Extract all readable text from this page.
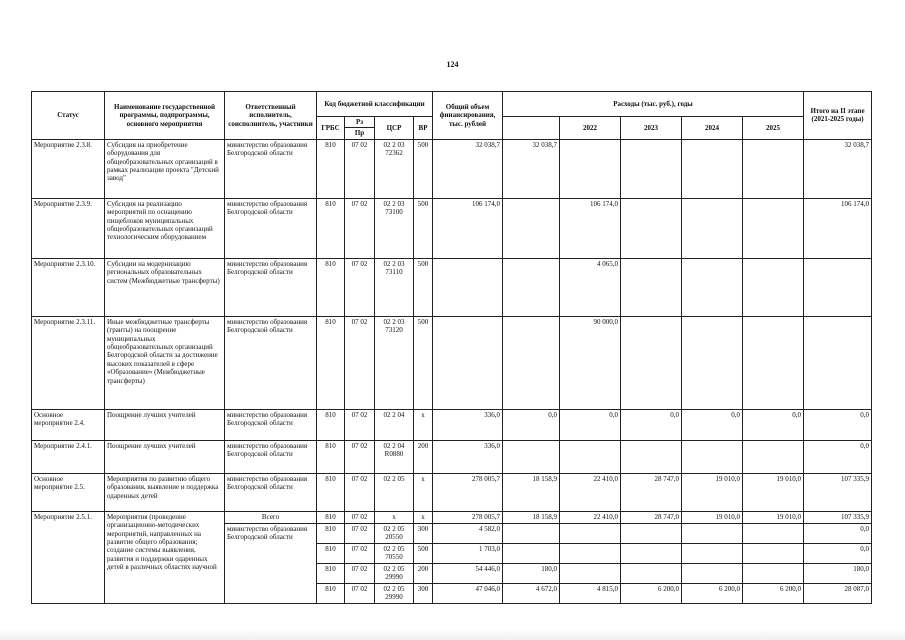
124
Статус	Наименование государственной программы, подпрограммы, основного мероприятия	Ответственный исполнитель, соисполнитель, участники	Код бюджетной классификации				Общий объем финансирования, тыс. рублей	Расходы (тыс. руб.), годы					Итого на II этапе (2021-2025 годы)
			ГРБС	Рз	ЦСР	ВР			2022	2023	2024	2025	
				Пр									
Мероприятие 2.3.8.	Субсидия на приобретение оборудования для общеобразовательных организаций в рамках реализации проекта "Детский завод"	министерство образования Белгородской области	810	07 02	02 2 03 72362	500	32 038,7	32 038,7					32 038,7
Мероприятие 2.3.9.	Субсидия на реализацию мероприятий по оснащению пищеблоков муниципальных общеобразовательных организаций технологическим оборудованием	министерство образования Белгородской области	810	07 02	02 2 03 73100	500	106 174,0		106 174,0				106 174,0
Мероприятие 2.3.10.	Субсидии на модернизацию региональных образовательных систем (Межбюджетные трансферты)	министерство образования Белгородской области	810	07 02	02 2 03 73110	500			4 065,0				
Мероприятие 2.3.11.	Иные межбюджетные трансферты (гранты) на поощрение муниципальных общеобразовательных организаций Белгородской области за достижение высоких показателей в сфере «Образование» (Межбюджетные трансферты)	министерство образования Белгородской области	810	07 02	02 2 03 73120	500			90 000,0				
Основное мероприятие 2.4.	Поощрение лучших учителей	министерство образования Белгородской области	810	07 02	02 2 04	х	336,0	0,0	0,0	0,0	0,0	0,0	0,0
Мероприятие 2.4.1.	Поощрение лучших учителей	министерство образования Белгородской области	810	07 02	02 2 04 R0880	200	336,0						0,0
Основное мероприятие 2.5.	Мероприятия по развитию общего образования, выявление и поддержка одаренных детей	министерство образования Белгородской области	810	07 02	02 2 05	х	278 005,7	18 158,9	22 410,0	28 747,0	19 010,0	19 010,0	107 335,9
Мероприятие 2.5.1.	Мероприятия (проведение организационно-методических мероприятий, направленных на развитие общего образования; создание системы выявления, развития и поддержки одаренных детей в различных областях научной	Всего	810	07 02	х	х	278 005,7	18 158,9	22 410,0	28 747,0	19 010,0	19 010,0	107 335,9
		министерство образования Белгородской области	810	07 02	02 2 05 20550	300	4 582,0						0,0
			810	07 02	02 2 05 70550	500	1 703,0						0,0
			810	07 02	02 2 05 29990	200	54 446,0	180,0					180,0
			810	07 02	02 2 05 29990	300	47 046,0	4 672,0	4 815,0	6 200,0	6 200,0	6 200,0	28 087,0
